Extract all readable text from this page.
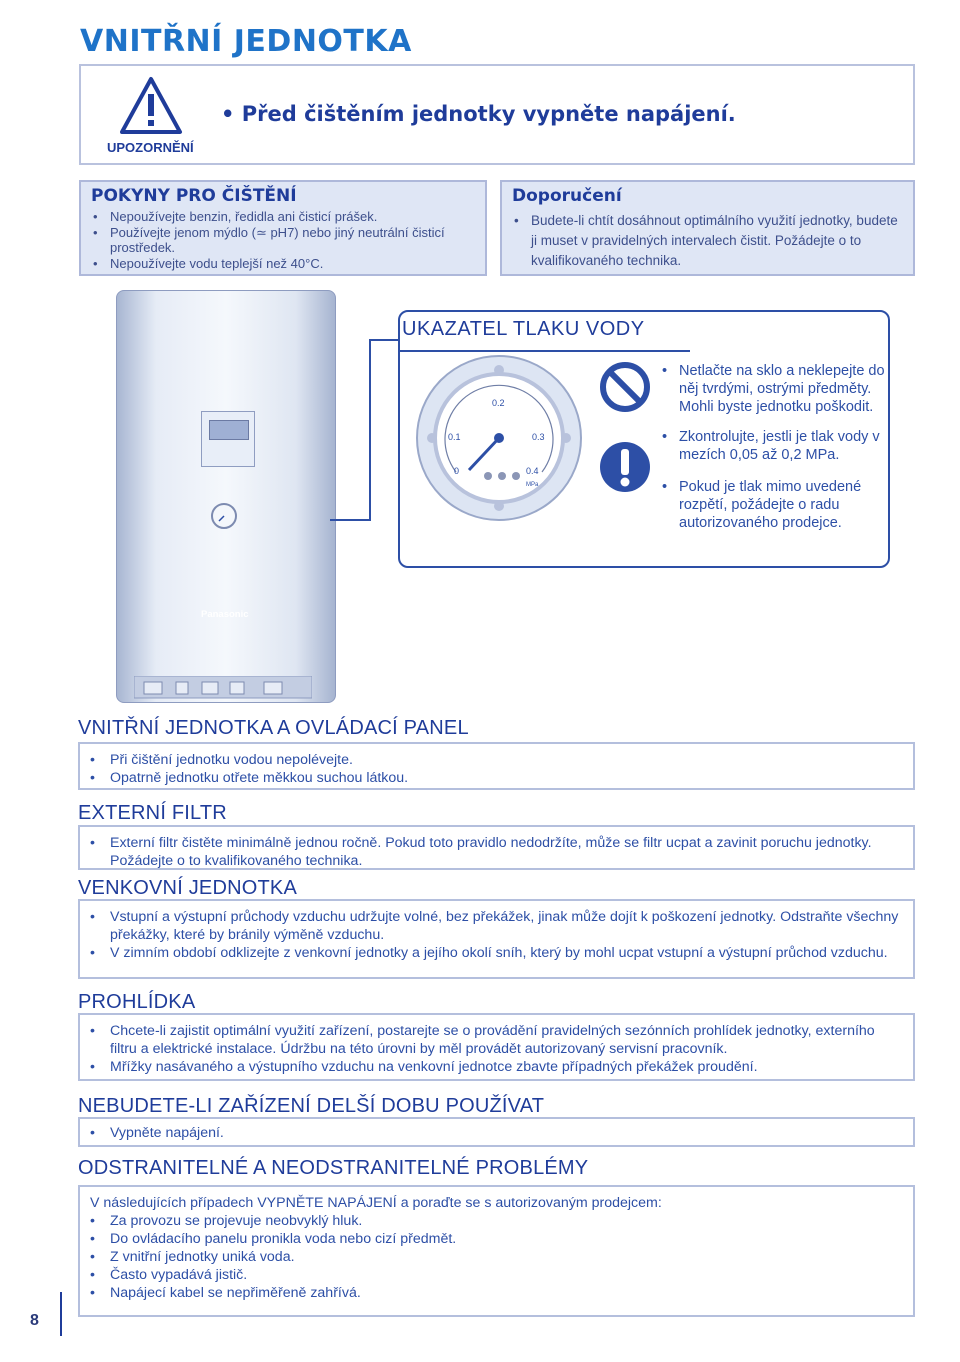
VNITŘNÍ JEDNOTKA
UPOZORNĚNÍ
• Před čištěním jednotky vypněte napájení.
POKYNY PRO ČIŠTĚNÍ
• Nepoužívejte benzin, ředidla ani čisticí prášek.
• Používejte jenom mýdlo (≃ pH7) nebo jiný neutrální čisticí prostředek.
• Nepoužívejte vodu teplejší než 40°C.
Doporučení
• Budete-li chtít dosáhnout optimálního využití jednotky, budete ji muset v pravidelných intervalech čistit. Požádejte o to kvalifikovaného technika.
Panasonic
UKAZATEL TLAKU VODY
0
0.1
0.2
0.3
0.4
MPa
• Netlačte na sklo a neklepejte do něj tvrdými, ostrými předměty. Mohli byste jednotku poškodit.
• Zkontrolujte, jestli je tlak vody v mezích 0,05 až 0,2 MPa.
• Pokud je tlak mimo uvedené rozpětí, požádejte o radu autorizovaného prodejce.
VNITŘNÍ JEDNOTKA A OVLÁDACÍ PANEL
• Při čištění jednotku vodou nepolévejte.
• Opatrně jednotku otřete měkkou suchou látkou.
EXTERNÍ FILTR
• Externí filtr čistěte minimálně jednou ročně. Pokud toto pravidlo nedodržíte, může se filtr ucpat a zavinit poruchu jednotky. Požádejte o to kvalifikovaného technika.
VENKOVNÍ JEDNOTKA
• Vstupní a výstupní průchody vzduchu udržujte volné, bez překážek, jinak může dojít k poškození jednotky. Odstraňte všechny překážky, které by bránily výměně vzduchu.
• V zimním období odklizejte z venkovní jednotky a jejího okolí sníh, který by mohl ucpat vstupní a výstupní průchod vzduchu.
PROHLÍDKA
• Chcete-li zajistit optimální využití zařízení, postarejte se o provádění pravidelných sezónních prohlídek jednotky, externího filtru a elektrické instalace. Údržbu na této úrovni by měl provádět autorizovaný servisní pracovník.
• Mřížky nasávaného a výstupního vzduchu na venkovní jednotce zbavte případných překážek proudění.
NEBUDETE-LI ZAŘÍZENÍ DELŠÍ DOBU POUŽÍVAT
• Vypněte napájení.
ODSTRANITELNÉ A NEODSTRANITELNÉ PROBLÉMY
V následujících případech VYPNĚTE NAPÁJENÍ a poraďte se s autorizovaným prodejcem:
• Za provozu se projevuje neobvyklý hluk.
• Do ovládacího panelu pronikla voda nebo cizí předmět.
• Z vnitřní jednotky uniká voda.
• Často vypadává jistič.
• Napájecí kabel se nepřiměřeně zahřívá.
8
